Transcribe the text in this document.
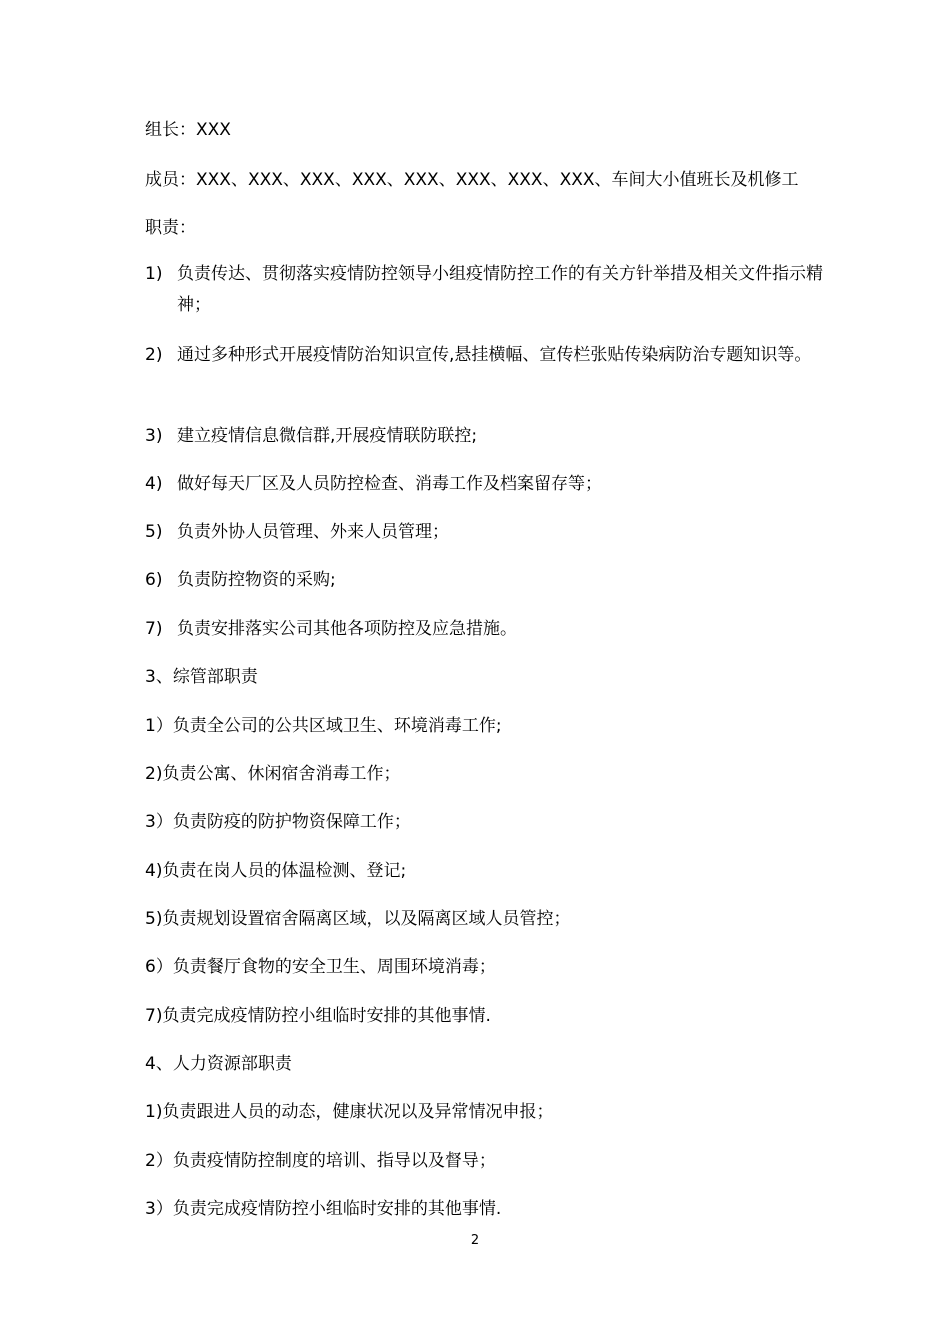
组长：XXX
成员：XXX、XXX、XXX、XXX、XXX、XXX、XXX、XXX、车间大小值班长及机修工
职责：
1) 负责传达、贯彻落实疫情防控领导小组疫情防控工作的有关方针举措及相关文件指示精神；
2) 通过多种形式开展疫情防治知识宣传,悬挂横幅、宣传栏张贴传染病防治专题知识等。
3) 建立疫情信息微信群,开展疫情联防联控;
4) 做好每天厂区及人员防控检查、消毒工作及档案留存等；
5) 负责外协人员管理、外来人员管理；
6) 负责防控物资的采购;
7) 负责安排落实公司其他各项防控及应急措施。
3、综管部职责
1）负责全公司的公共区域卫生、环境消毒工作;
2)负责公寓、休闲宿舍消毒工作；
3）负责防疫的防护物资保障工作；
4)负责在岗人员的体温检测、登记;
5)负责规划设置宿舍隔离区域，以及隔离区域人员管控；
6）负责餐厅食物的安全卫生、周围环境消毒；
7)负责完成疫情防控小组临时安排的其他事情.
4、人力资源部职责
1)负责跟进人员的动态，健康状况以及异常情况申报；
2）负责疫情防控制度的培训、指导以及督导；
3）负责完成疫情防控小组临时安排的其他事情.
2
